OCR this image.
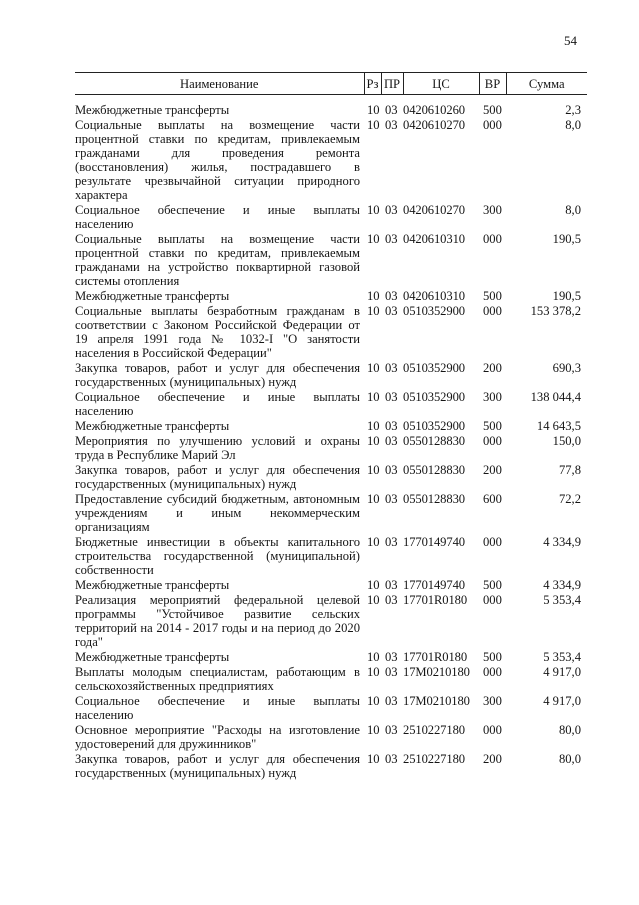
54
Наименование	Рз	ПР	ЦС	ВР	Сумма
Межбюджетные трансферты	10	03	0420610260	500	2,3
Социальные выплаты на возмещение части процентной ставки по кредитам, привлекаемым гражданами для проведения ремонта (восстановления) жилья, пострадавшего в результате чрезвычайной ситуации природного характера	10	03	0420610270	000	8,0
Социальное обеспечение и иные выплаты населению	10	03	0420610270	300	8,0
Социальные выплаты на возмещение части процентной ставки по кредитам, привлекаемым гражданами на устройство поквартирной газовой системы отопления	10	03	0420610310	000	190,5
Межбюджетные трансферты	10	03	0420610310	500	190,5
Социальные выплаты безработным гражданам в соответствии с Законом Российской Федерации от 19 апреля 1991 года № 1032-I "О занятости населения в Российской Федерации"	10	03	0510352900	000	153 378,2
Закупка товаров, работ и услуг для обеспечения государственных (муниципальных) нужд	10	03	0510352900	200	690,3
Социальное обеспечение и иные выплаты населению	10	03	0510352900	300	138 044,4
Межбюджетные трансферты	10	03	0510352900	500	14 643,5
Мероприятия по улучшению условий и охраны труда в Республике Марий Эл	10	03	0550128830	000	150,0
Закупка товаров, работ и услуг для обеспечения государственных (муниципальных) нужд	10	03	0550128830	200	77,8
Предоставление субсидий бюджетным, автономным учреждениям и иным некоммерческим организациям	10	03	0550128830	600	72,2
Бюджетные инвестиции в объекты капитального строительства государственной (муниципальной) собственности	10	03	1770149740	000	4 334,9
Межбюджетные трансферты	10	03	1770149740	500	4 334,9
Реализация мероприятий федеральной целевой программы "Устойчивое развитие сельских территорий на 2014 - 2017 годы и на период до 2020 года"	10	03	17701R0180	000	5 353,4
Межбюджетные трансферты	10	03	17701R0180	500	5 353,4
Выплаты молодым специалистам, работающим в сельскохозяйственных предприятиях	10	03	17М0210180	000	4 917,0
Социальное обеспечение и иные выплаты населению	10	03	17М0210180	300	4 917,0
Основное мероприятие "Расходы на изготовление удостоверений для дружинников"	10	03	2510227180	000	80,0
Закупка товаров, работ и услуг для обеспечения государственных (муниципальных) нужд	10	03	2510227180	200	80,0
